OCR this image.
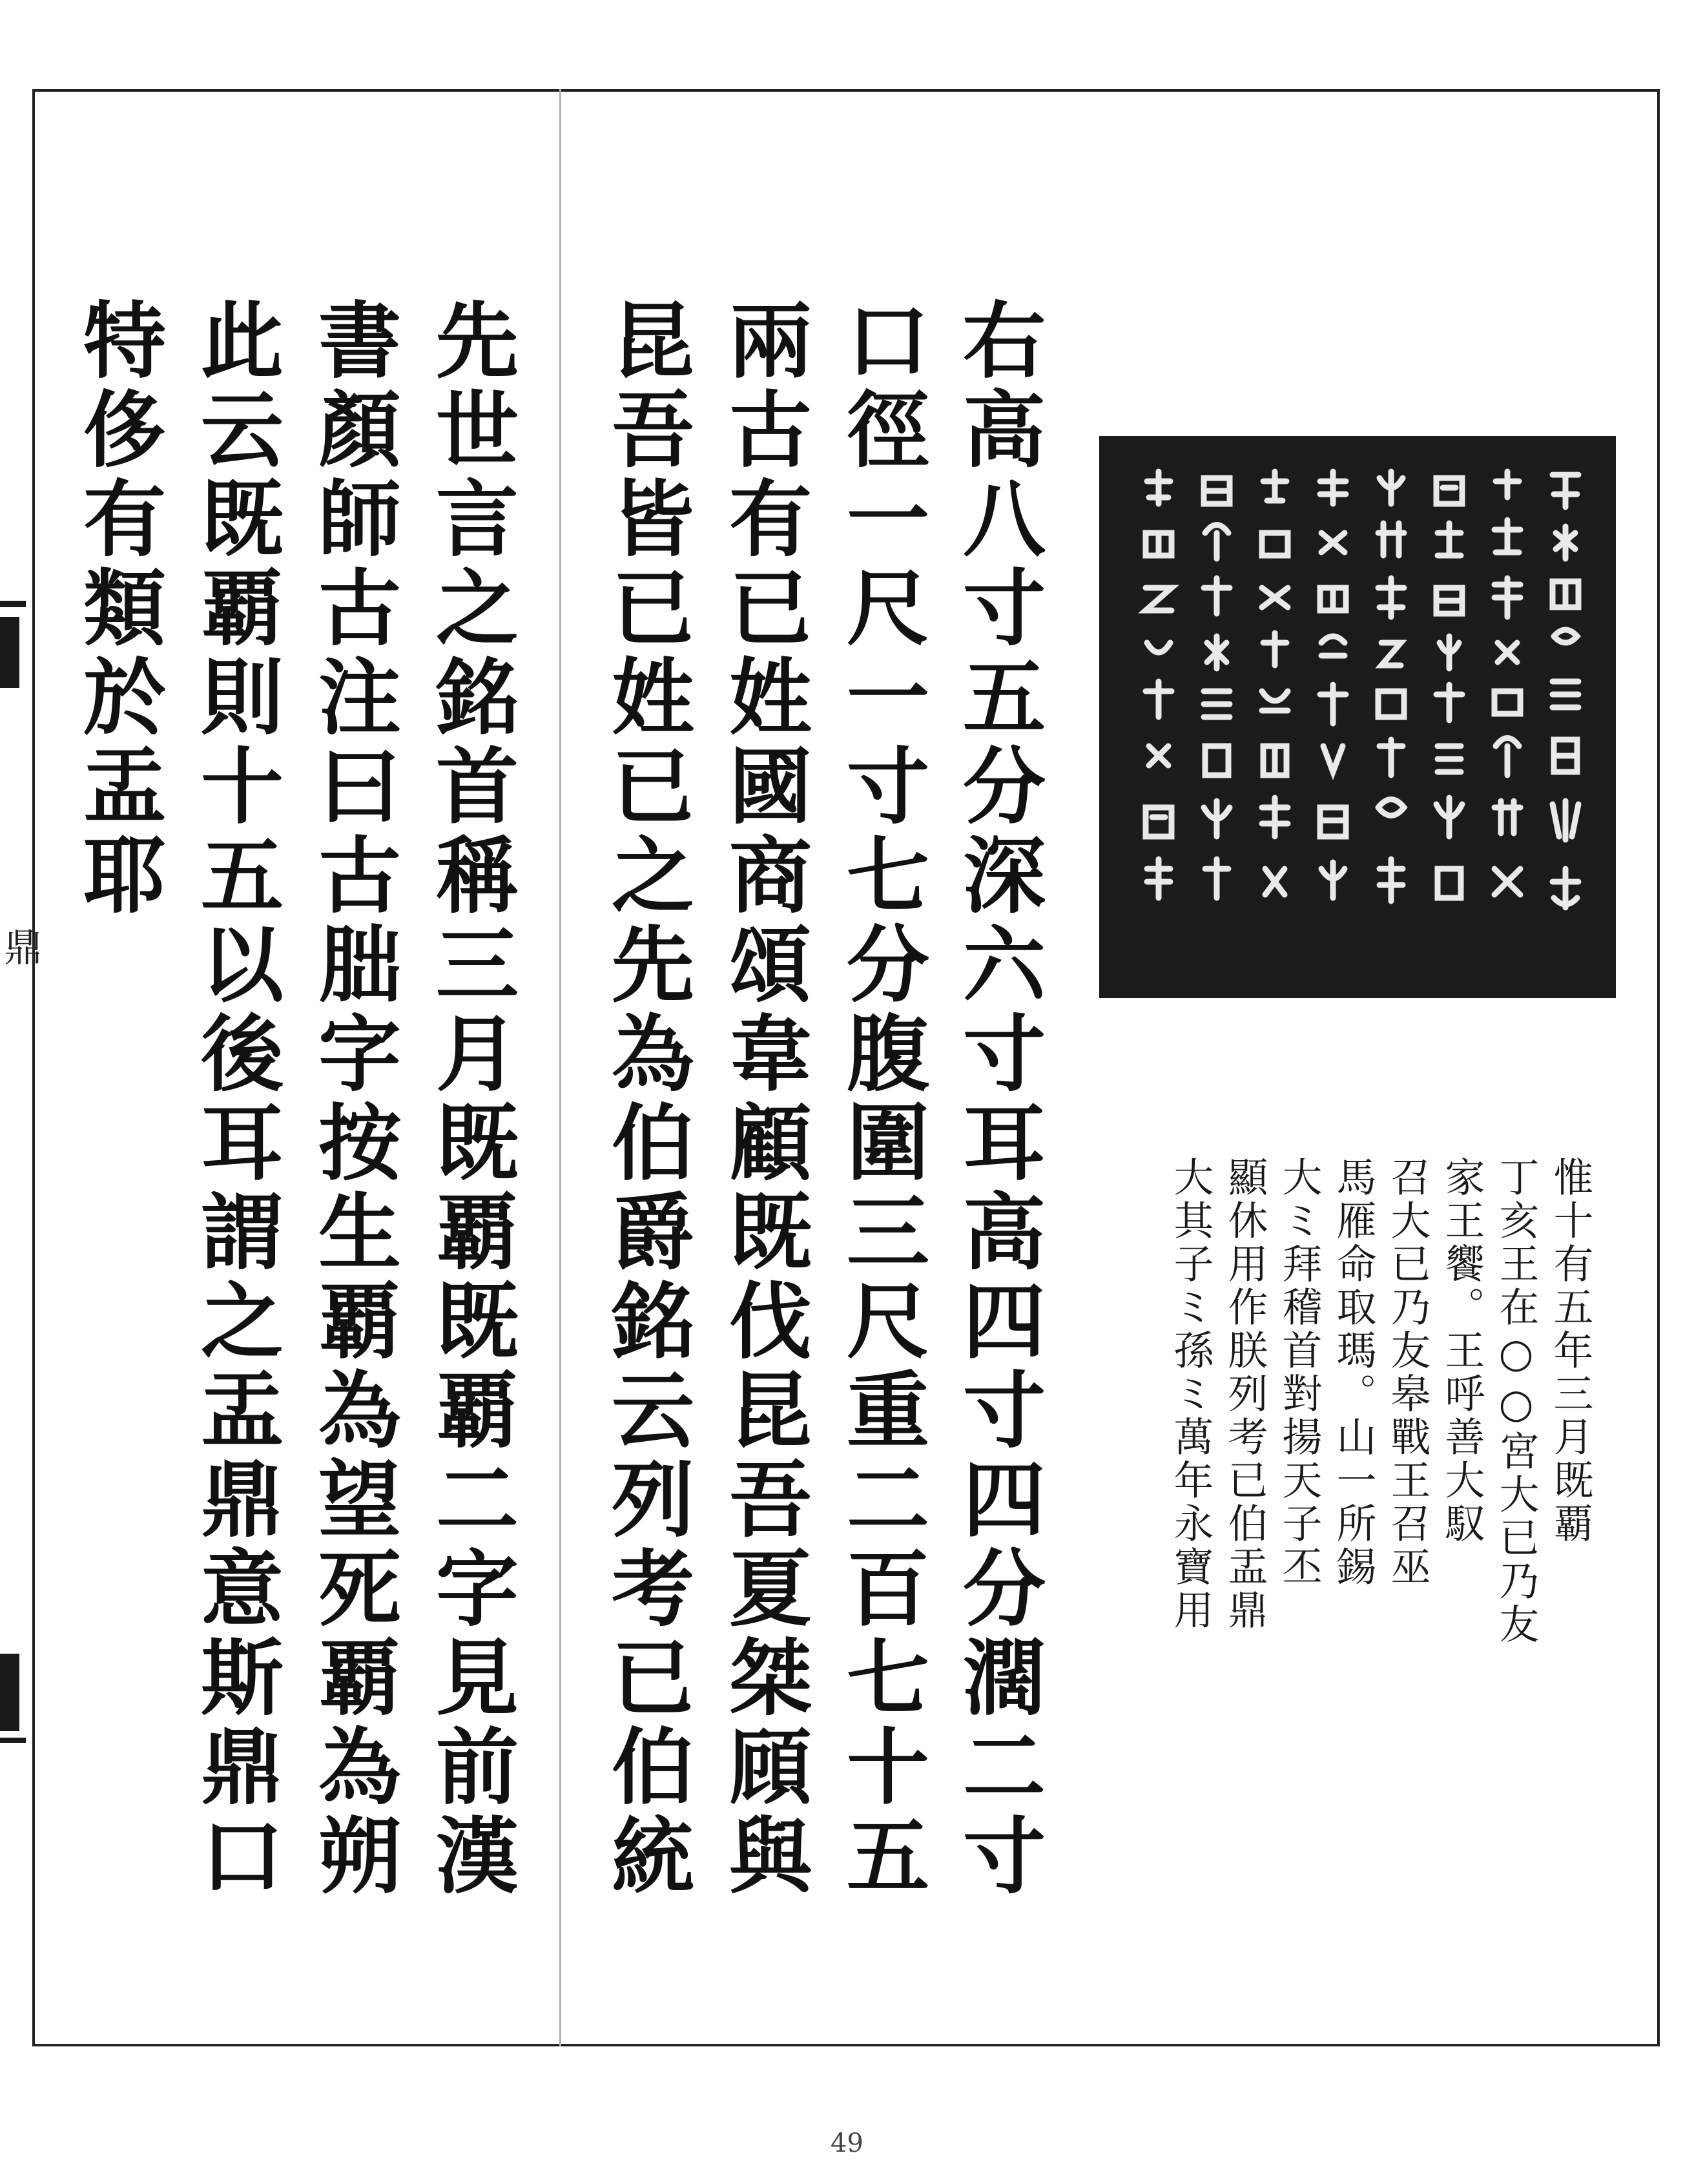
鼎	右高八寸五分深六寸耳高四寸四分濶二寸
口徑一尺一寸七分腹圍三尺重二百七十五
兩古有已姓國商頌韋顧既伐昆吾夏桀頋與
昆吾皆已姓已之先為伯爵銘云列考已伯統
先世言之銘首稱三月既覇既覇二字見前漢
書顏師古注曰古朏字按生覇為望死覇為朔
此云既覇則十五以後耳謂之盂鼎意斯鼎口
特侈有類於盂耶
惟十有五年三月既覇
丁亥王在○○宮大已乃友
家王饗。王呼善大馭
召大已乃友皋戰王召巫
馬雁命取瑪。山一所錫
大ミ拜稽首對揚天子丕
顯休用作朕列考已伯盂鼎
大其子ミ孫ミ萬年永寶用
49
